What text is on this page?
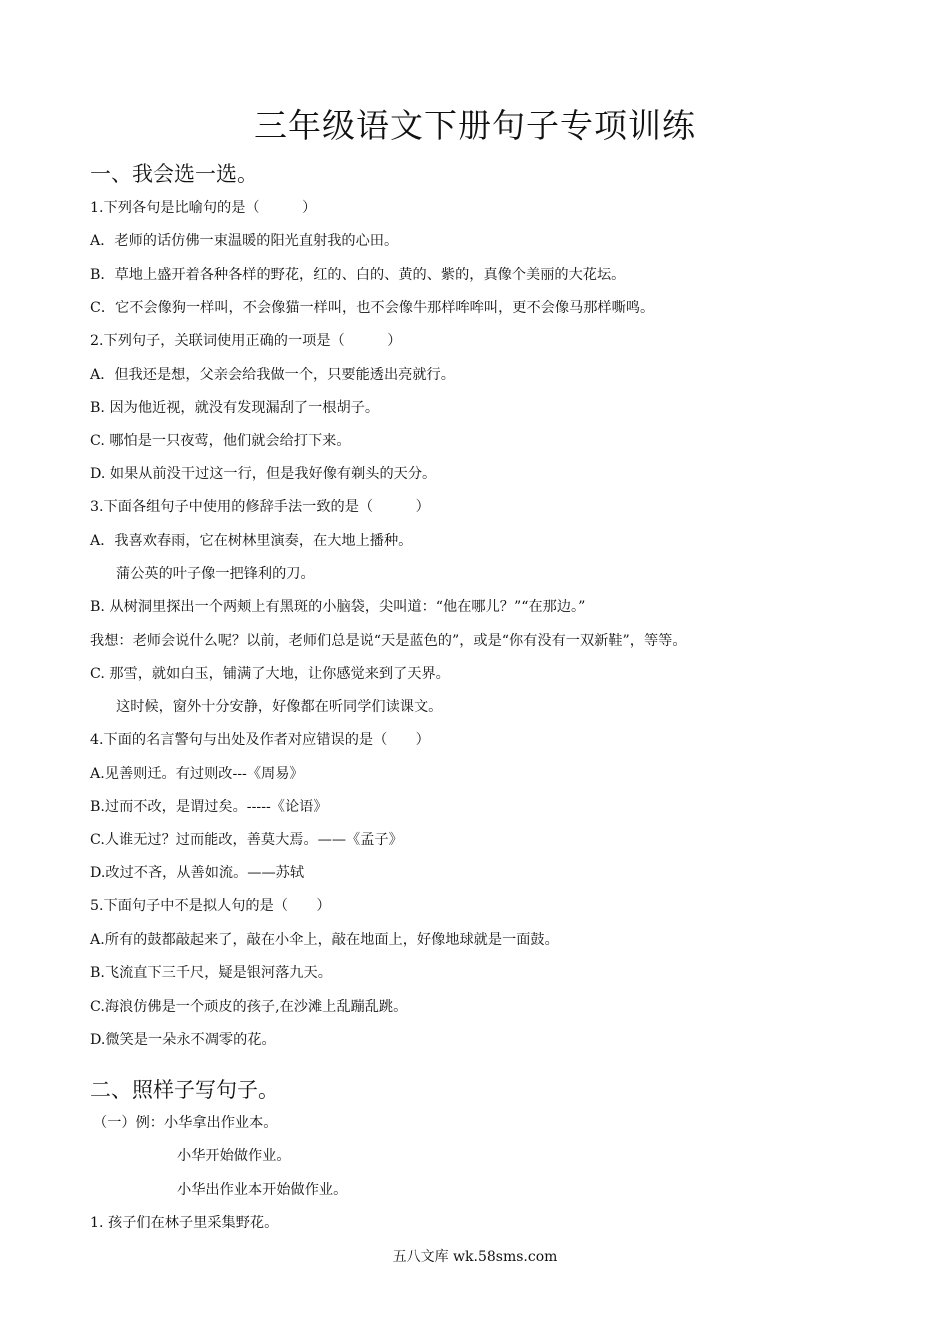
三年级语文下册句子专项训练
一、我会选一选。
1.下列各句是比喻句的是（　　　）
A．老师的话仿佛一束温暖的阳光直射我的心田。
B．草地上盛开着各种各样的野花，红的、白的、黄的、紫的，真像个美丽的大花坛。
C．它不会像狗一样叫，不会像猫一样叫，也不会像牛那样哞哞叫，更不会像马那样嘶鸣。
2.下列句子，关联词使用正确的一项是（　　　）
A．但我还是想，父亲会给我做一个，只要能透出亮就行。
B. 因为他近视，就没有发现漏刮了一根胡子。
C. 哪怕是一只夜莺，他们就会给打下来。
D. 如果从前没干过这一行，但是我好像有剃头的天分。
3.下面各组句子中使用的修辞手法一致的是（　　　）
A．我喜欢春雨，它在树林里演奏，在大地上播种。
蒲公英的叶子像一把锋利的刀。
B. 从树洞里探出一个两颊上有黑斑的小脑袋，尖叫道：“他在哪儿？”“在那边。”
我想：老师会说什么呢？以前，老师们总是说“天是蓝色的”，或是“你有没有一双新鞋”，等等。
C. 那雪，就如白玉，铺满了大地，让你感觉来到了天界。
这时候，窗外十分安静，好像都在听同学们读课文。
4.下面的名言警句与出处及作者对应错误的是（　　）
A.见善则迁。有过则改---《周易》
B.过而不改，是谓过矣。-----《论语》
C.人谁无过？过而能改，善莫大焉。——《孟子》
D.改过不吝，从善如流。——苏轼
5.下面句子中不是拟人句的是（　　）
A.所有的鼓都敲起来了，敲在小伞上，敲在地面上，好像地球就是一面鼓。
B.飞流直下三千尺，疑是银河落九天。
C.海浪仿佛是一个顽皮的孩子,在沙滩上乱蹦乱跳。
D.微笑是一朵永不凋零的花。
二、照样子写句子。
（一）例：小华拿出作业本。
小华开始做作业。
小华出作业本开始做作业。
1. 孩子们在林子里采集野花。
五八文库 wk.58sms.com
